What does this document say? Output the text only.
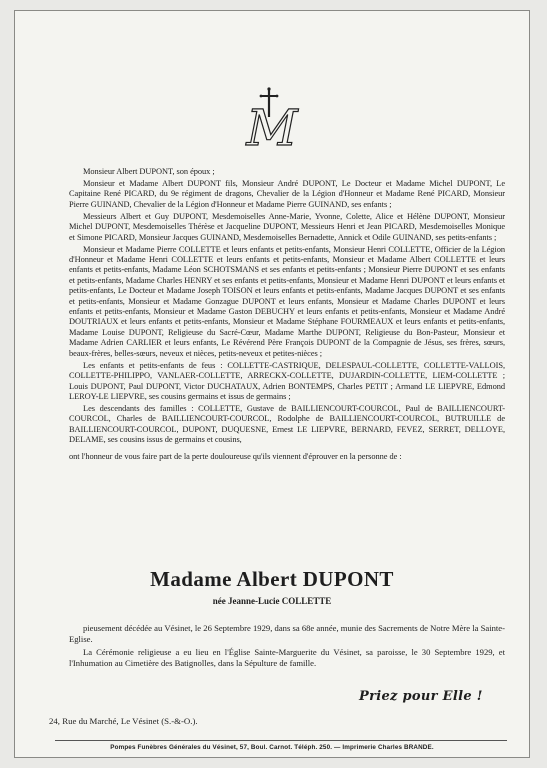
M

Monsieur Albert DUPONT, son époux ;

Monsieur et Madame Albert DUPONT fils, Monsieur André DUPONT, Le Docteur et Madame Michel DUPONT, Le Capitaine René PICARD, du 9e régiment de dragons, Chevalier de la Légion d'Honneur et Madame René PICARD, Monsieur Pierre GUINAND, Chevalier de la Légion d'Honneur et Madame Pierre GUINAND, ses enfants ;

Messieurs Albert et Guy DUPONT, Mesdemoiselles Anne-Marie, Yvonne, Colette, Alice et Hélène DUPONT, Monsieur Michel DUPONT, Mesdemoiselles Thérèse et Jacqueline DUPONT, Messieurs Henri et Jean PICARD, Mesdemoiselles Monique et Simone PICARD, Monsieur Jacques GUINAND, Mesdemoiselles Bernadette, Annick et Odile GUINAND, ses petits-enfants ;

Monsieur et Madame Pierre COLLETTE et leurs enfants et petits-enfants, Monsieur Henri COLLETTE, Officier de la Légion d'Honneur et Madame Henri COLLETTE et leurs enfants et petits-enfants, Monsieur et Madame Albert COLLETTE et leurs enfants et petits-enfants, Madame Léon SCHOTSMANS et ses enfants et petits-enfants ; Monsieur Pierre DUPONT et ses enfants et petits-enfants, Madame Charles HENRY et ses enfants et petits-enfants, Monsieur et Madame Henri DUPONT et leurs enfants et petits-enfants, Le Docteur et Madame Joseph TOISON et leurs enfants et petits-enfants, Madame Jacques DUPONT et ses enfants et petits-enfants, Monsieur et Madame Gonzague DUPONT et leurs enfants, Monsieur et Madame Charles DUPONT et leurs enfants et petits-enfants, Monsieur et Madame Gaston DEBUCHY et leurs enfants et petits-enfants, Monsieur et Madame André DOUTRIAUX et leurs enfants et petits-enfants, Monsieur et Madame Stéphane FOURMEAUX et leurs enfants et petits-enfants, Madame Louise DUPONT, Religieuse du Sacré-Cœur, Madame Marthe DUPONT, Religieuse du Bon-Pasteur, Monsieur et Madame Adrien CARLIER et leurs enfants, Le Révérend Père François DUPONT de la Compagnie de Jésus, ses frères, sœurs, beaux-frères, belles-sœurs, neveux et nièces, petits-neveux et petites-nièces ;

Les enfants et petits-enfants de feus : COLLETTE-CASTRIQUE, DELESPAUL-COLLETTE, COLLETTE-VALLOIS, COLLETTE-PHILIPPO, VANLAER-COLLETTE, ARRECKX-COLLETTE, DUJARDIN-COLLETTE, LIEM-COLLETTE ; Louis DUPONT, Paul DUPONT, Victor DUCHATAUX, Adrien BONTEMPS, Charles PETIT ; Armand LE LIEPVRE, Edmond LEROY-LE LIEPVRE, ses cousins germains et issus de germains ;

Les descendants des familles : COLLETTE, Gustave de BAILLIENCOURT-COURCOL, Paul de BAILLIENCOURT-COURCOL, Charles de BAILLIENCOURT-COURCOL, Rodolphe de BAILLIENCOURT-COURCOL, BUTRUILLE de BAILLIENCOURT-COURCOL, DUPONT, DUQUESNE, Ernest LE LIEPVRE, BERNARD, FEVEZ, SERRET, DELLOYE, DELAME, ses cousins issus de germains et cousins,

ont l'honneur de vous faire part de la perte douloureuse qu'ils viennent d'éprouver en la personne de :

Madame Albert DUPONT
née Jeanne-Lucie COLLETTE

pieusement décédée au Vésinet, le 26 Septembre 1929, dans sa 68e année, munie des Sacrements de Notre Mère la Sainte-Eglise.

La Cérémonie religieuse a eu lieu en l'Église Sainte-Marguerite du Vésinet, sa paroisse, le 30 Septembre 1929, et l'Inhumation au Cimetière des Batignolles, dans la Sépulture de famille.

Priez pour Elle !
24, Rue du Marché, Le Vésinet (S.-&-O.).
Pompes Funèbres Générales du Vésinet, 57, Boul. Carnot. Téléph. 250. — Imprimerie Charles BRANDE.
